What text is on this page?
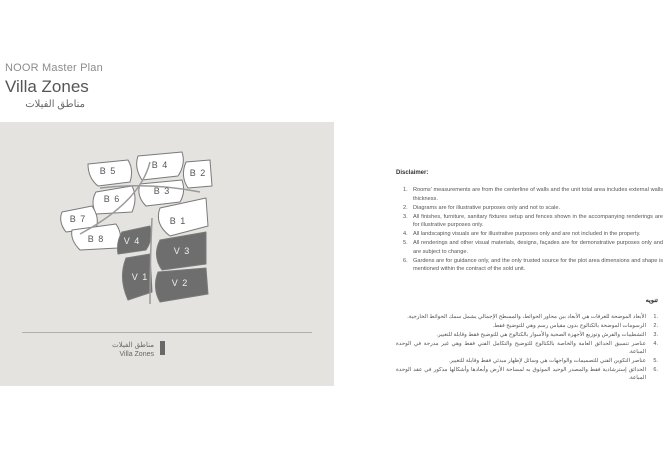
NOOR Master Plan
Villa Zones
مناطق الفيلات
B 5
B 4
B 2
B 3
B 6
B 1
B 7
B 8 V 4
V 3
V 1
V 2
مناطق الفيلات
Villa Zones
Disclaimer:
1. Rooms' measurements are from the centerline of walls and the unit total area includes external walls thickness.
2. Diagrams are for illustrative purposes only and not to scale.
3. All finishes, furniture, sanitary fixtures setup and fences shown in the accompanying renderings are for illustrative purposes only.
4. All landscaping visuals are for illustrative purposes only and are not included in the property.
5. All renderings and other visual materials, designs, façades are for demonstrative purposes only and are subject to change.
6. Gardens are for guidance only, and the only trusted source for the plot area dimensions and shape is mentioned within the contract of the sold unit.
تنويه
.1
الأبعاد الموضحة للغرفات هي الأبعاد بين محاور الحوائط، والمسطح الإجمالي يشمل سمك الحوائط الخارجية.
.2
الرسومات الموضحة بالكتالوج بدون مقياس رسم وهي للتوضيح فقط.
.3
التشطيبات والفرش وتوزيع الأجهزة الصحية والأسوار بالكتالوج هي للتوضيح فقط وقابلة للتغيير.
.4
عناصر تنسيق الحدائق العامة والخاصة بالكتالوج للتوضيح والتكامل الفني فقط وهي غير مدرجة في الوحدة المباعة.
.5
عناصر التكوين الفني للتصميمات والواجهات هي وسائل لإظهار مبدئي فقط وقابلة للتغيير.
.6
الحدائق إسترشادية فقط والمصدر الوحيد الموثوق به لمساحة الأرض وأبعادها وأشكالها مذكور في عقد الوحدة المباعة.
